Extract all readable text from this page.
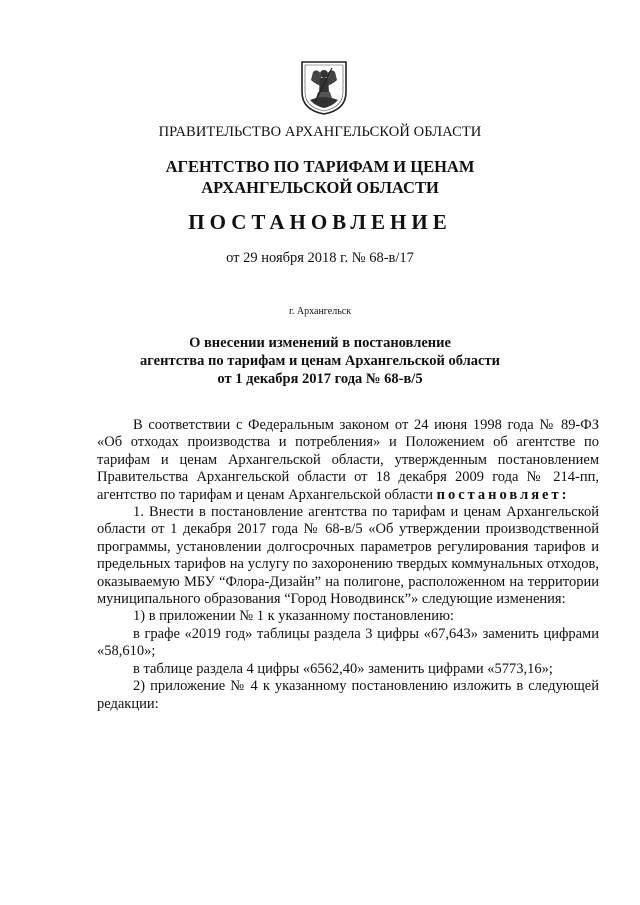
ПРАВИТЕЛЬСТВО АРХАНГЕЛЬСКОЙ ОБЛАСТИ
АГЕНТСТВО ПО ТАРИФАМ И ЦЕНАМ
АРХАНГЕЛЬСКОЙ ОБЛАСТИ
ПОСТАНОВЛЕНИЕ
от 29 ноября 2018 г. № 68-в/17
г. Архангельск
О внесении изменений в постановление
агентства по тарифам и ценам Архангельской области
от 1 декабря 2017 года № 68-в/5

В соответствии с Федеральным законом от 24 июня 1998 года № 89-ФЗ «Об отходах производства и потребления» и Положением об агентстве по тарифам и ценам Архангельской области, утвержденным постановлением Правительства Архангельской области от 18 декабря 2009 года № 214-пп, агентство по тарифам и ценам Архангельской области постановляет:

1. Внести в постановление агентства по тарифам и ценам Архангельской области от 1 декабря 2017 года № 68-в/5 «Об утверждении производственной программы, установлении долгосрочных параметров регулирования тарифов и предельных тарифов на услугу по захоронению твердых коммунальных отходов, оказываемую МБУ “Флора-Дизайн” на полигоне, расположенном на территории муниципального образования “Город Новодвинск”» следующие изменения:

1) в приложении № 1 к указанному постановлению:

в графе «2019 год» таблицы раздела 3 цифры «67,643» заменить цифрами «58,610»;

в таблице раздела 4 цифры «6562,40» заменить цифрами «5773,16»;

2) приложение № 4 к указанному постановлению изложить в следующей редакции:
